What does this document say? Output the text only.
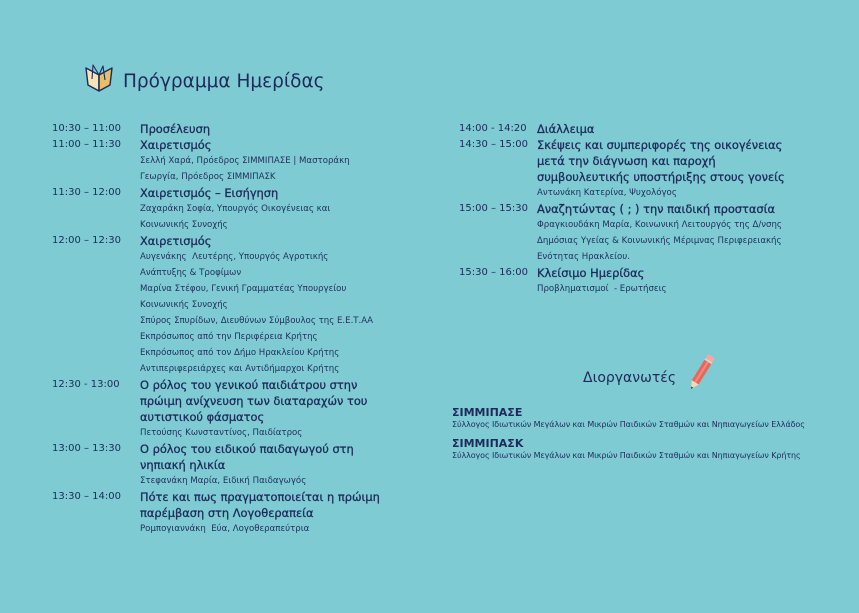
Πρόγραμμα Ημερίδας
10:30 – 11:00	Προσέλευση
11:00 – 11:30	Χαιρετισμός
Σελλή Χαρά, Πρόεδρος ΣΙΜΜΙΠΑΣΕ | Μαστοράκη
Γεωργία, Πρόεδρος ΣΙΜΜΙΠΑΣΚ
11:30 – 12:00	Χαιρετισμός – Εισήγηση
Ζαχαράκη Σοφία, Υπουργός Οικογένειας και
Κοινωνικής Συνοχής
12:00 – 12:30	Χαιρετισμός
Αυγενάκης  Λευτέρης, Υπουργός Αγροτικής
Ανάπτυξης & Τροφίμων
Μαρίνα Στέφου, Γενική Γραμματέας Υπουργείου
Κοινωνικής Συνοχής
Σπύρος Σπυρίδων, Διευθύνων Σύμβουλος της Ε.Ε.Τ.ΑΑ
Εκπρόσωπος από την Περιφέρεια Κρήτης
Εκπρόσωπος από τον Δήμο Ηρακλείου Κρήτης
Αντιπεριφερειάρχες και Αντιδήμαρχοι Κρήτης
12:30 - 13:00	Ο ρόλος του γενικού παιδιάτρου στην
πρώιμη ανίχνευση των διαταραχών του
αυτιστικού φάσματος
Πετούσης Κωνσταντίνος, Παιδίατρος
13:00 – 13:30	Ο ρόλος του ειδικού παιδαγωγού στη
νηπιακή ηλικία
Στεφανάκη Μαρία, Ειδική Παιδαγωγός
13:30 – 14:00	Πότε και πως πραγματοποιείται η πρώιμη
παρέμβαση στη Λογοθεραπεία
Ρομπογιαννάκη  Εύα, Λογοθεραπεύτρια
14:00 - 14:20 Διάλλειμα
14:30 – 15:00 Σκέψεις και συμπεριφορές της οικογένειας
μετά την διάγνωση και παροχή
συμβουλευτικής υποστήριξης στους γονείς
Αντωνάκη Κατερίνα, Ψυχολόγος
15:00 – 15:30 Αναζητώντας ( ; ) την παιδική προστασία
Φραγκιουδάκη Μαρία, Κοινωνική Λειτουργός της Δ/νσης
Δημόσιας Υγείας & Κοινωνικής Μέριμνας Περιφερειακής
Ενότητας Ηρακλείου.
15:30 – 16:00 Κλείσιμο Ημερίδας
Προβληματισμοί  - Ερωτήσεις
Διοργανωτές
ΣΙΜΜΙΠΑΣΕ
Σύλλογος Ιδιωτικών Μεγάλων και Μικρών Παιδικών Σταθμών και Νηπιαγωγείων Ελλάδος
ΣΙΜΜΙΠΑΣΚ
Σύλλογος Ιδιωτικών Μεγάλων και Μικρών Παιδικών Σταθμών και Νηπιαγωγείων Κρήτης
